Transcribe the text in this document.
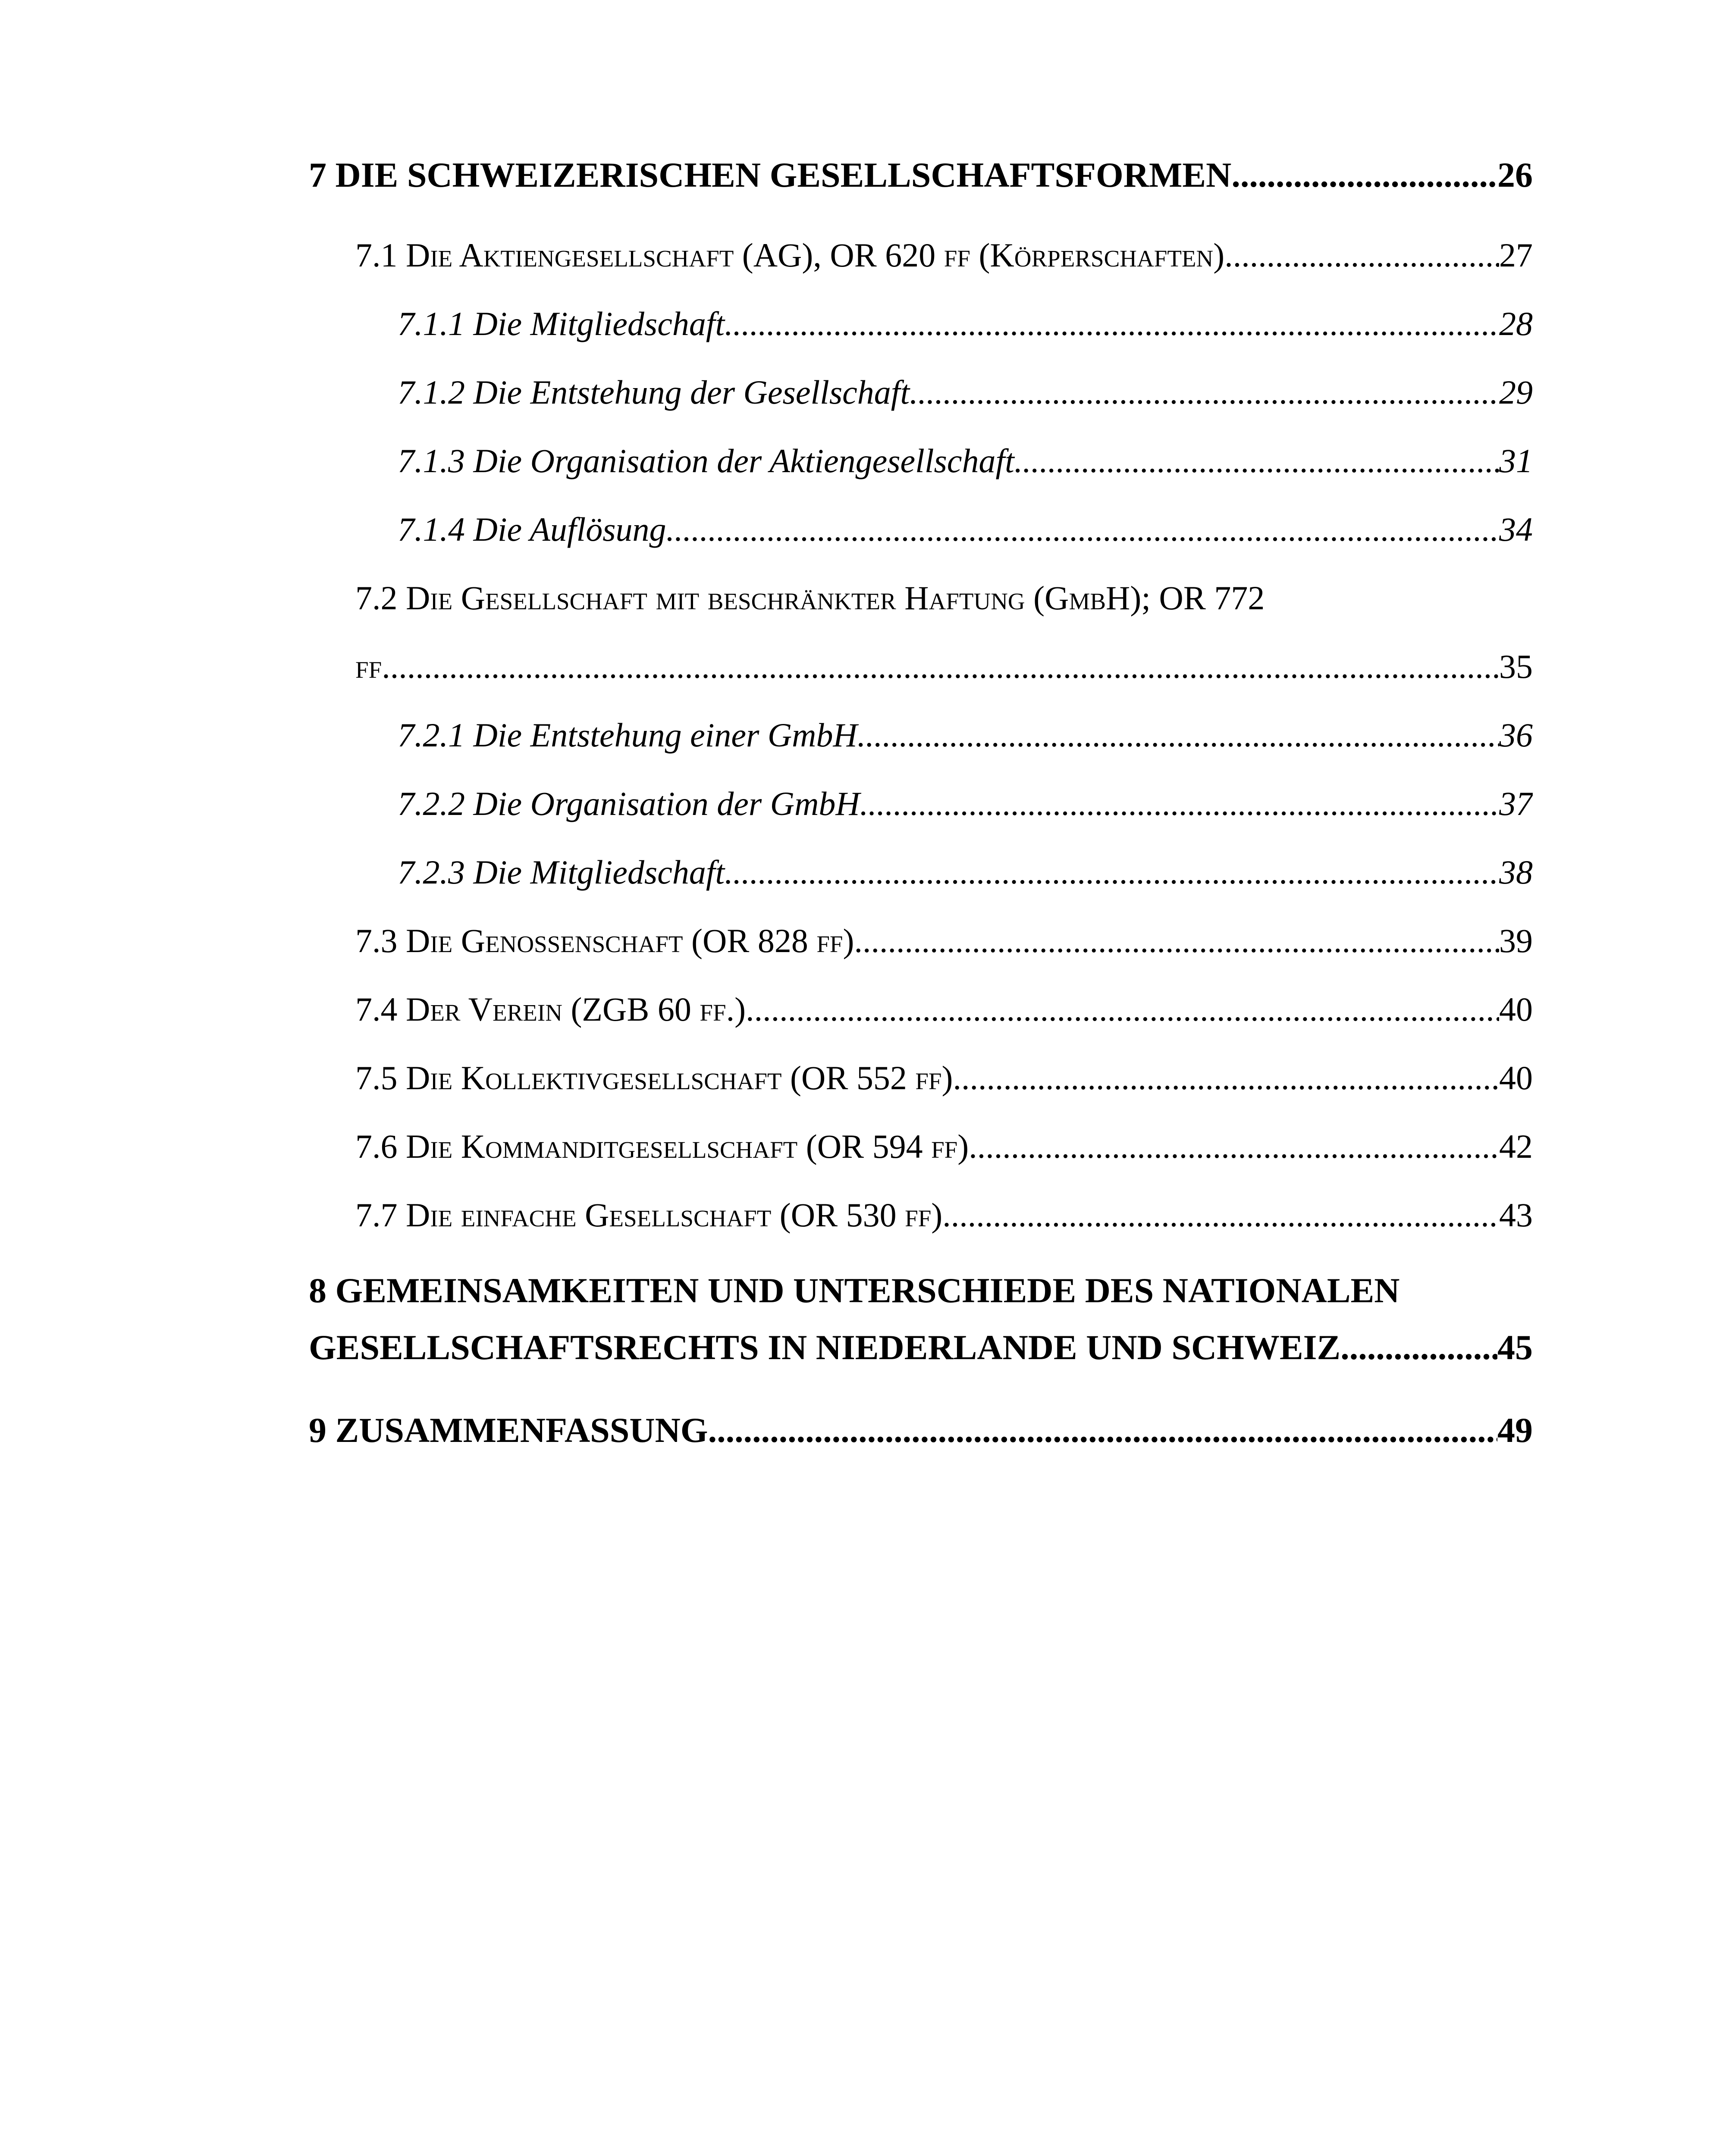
7 DIE SCHWEIZERISCHEN GESELLSCHAFTSFORMEN .....	26
7.1 Die Aktiengesellschaft (AG), OR 620 ff (Körperschaften) .....	27
7.1.1 Die Mitgliedschaft .....	28
7.1.2 Die Entstehung der Gesellschaft .....	29
7.1.3 Die Organisation der Aktiengesellschaft .....	31
7.1.4 Die Auflösung .....	34
7.2 Die Gesellschaft mit beschränkter Haftung (GmbH); OR 772
ff .....	35
7.2.1 Die Entstehung einer GmbH .....	36
7.2.2 Die Organisation der GmbH .....	37
7.2.3 Die Mitgliedschaft .....	38
7.3 Die Genossenschaft (OR 828 ff) .....	39
7.4 Der Verein (ZGB 60 ff.) .....	40
7.5 Die Kollektivgesellschaft (OR 552 ff) .....	40
7.6 Die Kommanditgesellschaft (OR 594 ff) .....	42
7.7 Die einfache Gesellschaft (OR 530 ff) .....	43
8 GEMEINSAMKEITEN UND UNTERSCHIEDE DES NATIONALEN
GESELLSCHAFTSRECHTS IN NIEDERLANDE UND SCHWEIZ. .....	45
9 ZUSAMMENFASSUNG .....	49
